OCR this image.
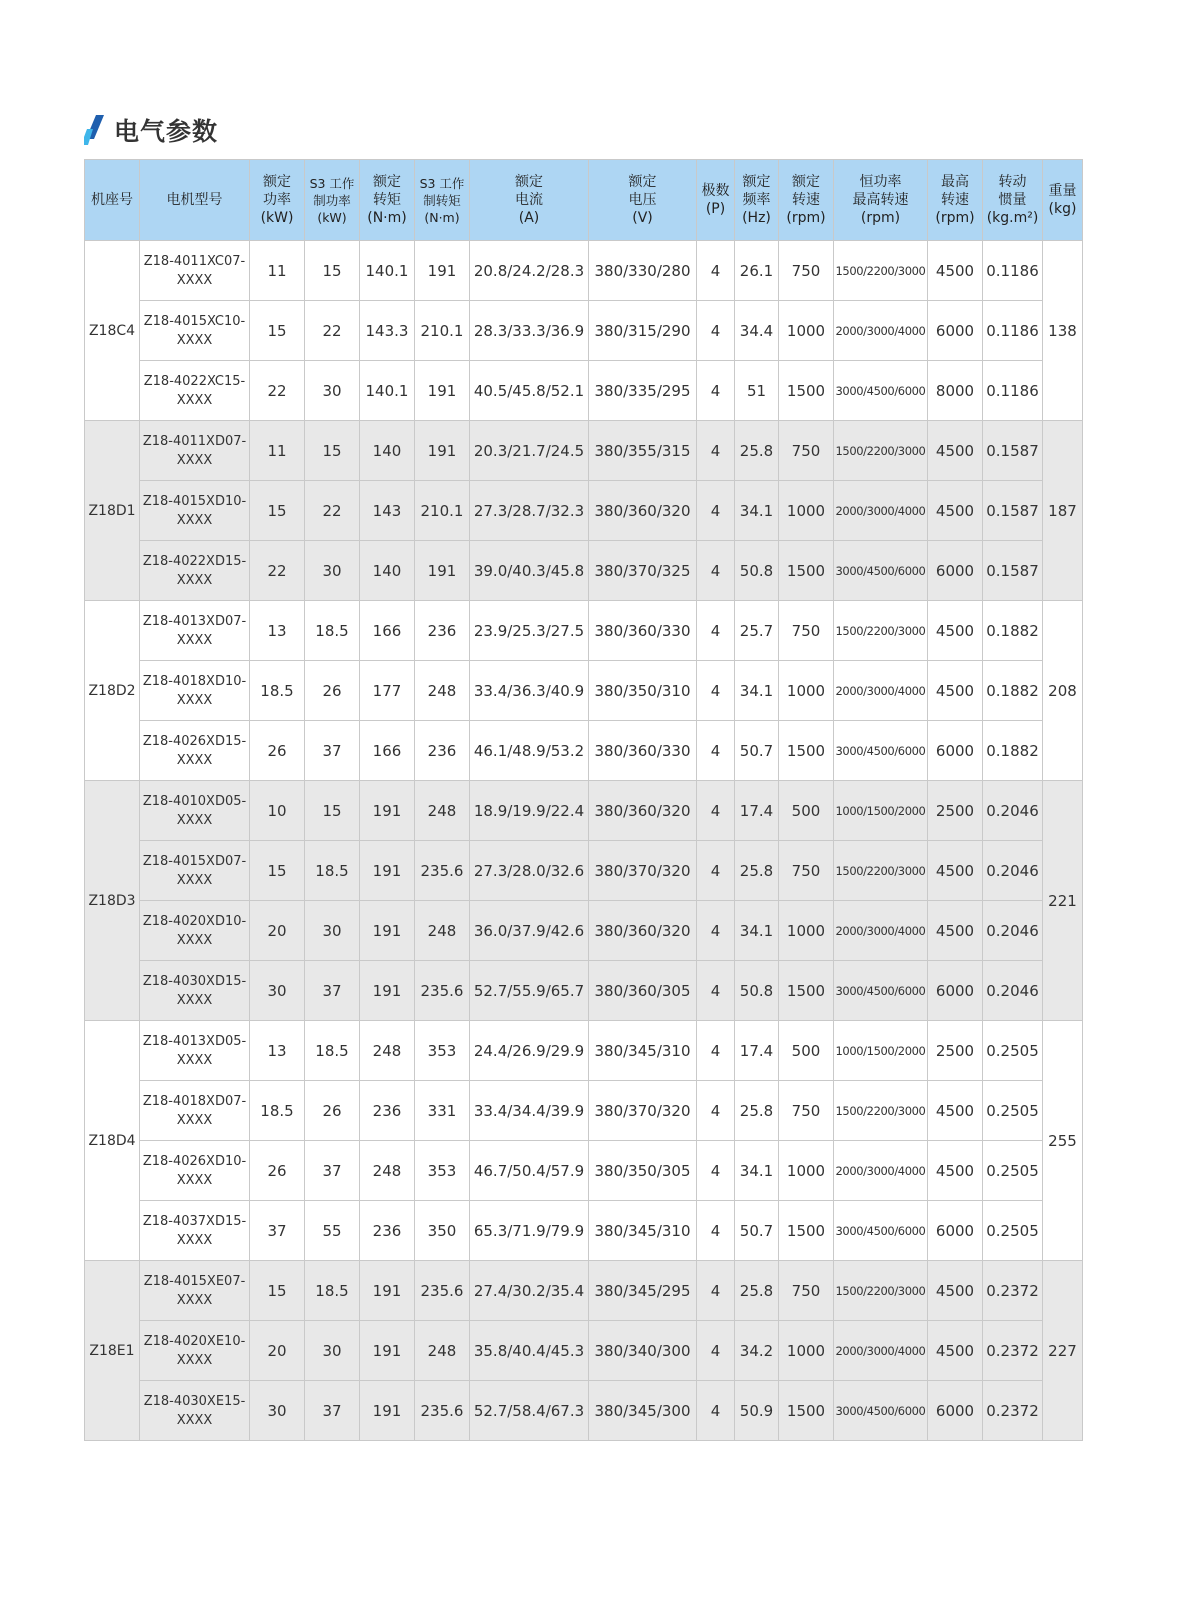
电气参数
机座号	电机型号	额定
功率
(kW)	S3 工作
制功率
(kW)	额定
转矩
(N·m)	S3 工作
制转矩
(N·m)	额定
电流
(A)	额定
电压
(V)	极数
(P)	额定
频率
(Hz)	额定
转速
(rpm)	恒功率
最高转速
(rpm)	最高
转速
(rpm)	转动
惯量
(kg.m²)	重量
(kg)
Z18C4	Z18-4011XC07-
XXXX	11	15	140.1	191	20.8/24.2/28.3	380/330/280	4	26.1	750	1500/2200/3000	4500	0.1186	138

	Z18-4015XC10-
XXXX	15	22	143.3	210.1	28.3/33.3/36.9	380/315/290	4	34.4	1000	2000/3000/4000	6000	0.1186	

	Z18-4022XC15-
XXXX	22	30	140.1	191	40.5/45.8/52.1	380/335/295	4	51	1500	3000/4500/6000	8000	0.1186	
Z18D1	Z18-4011XD07-
XXXX	11	15	140	191	20.3/21.7/24.5	380/355/315	4	25.8	750	1500/2200/3000	4500	0.1587	187

	Z18-4015XD10-
XXXX	15	22	143	210.1	27.3/28.7/32.3	380/360/320	4	34.1	1000	2000/3000/4000	4500	0.1587	

	Z18-4022XD15-
XXXX	22	30	140	191	39.0/40.3/45.8	380/370/325	4	50.8	1500	3000/4500/6000	6000	0.1587	
Z18D2	Z18-4013XD07-
XXXX	13	18.5	166	236	23.9/25.3/27.5	380/360/330	4	25.7	750	1500/2200/3000	4500	0.1882	208

	Z18-4018XD10-
XXXX	18.5	26	177	248	33.4/36.3/40.9	380/350/310	4	34.1	1000	2000/3000/4000	4500	0.1882	

	Z18-4026XD15-
XXXX	26	37	166	236	46.1/48.9/53.2	380/360/330	4	50.7	1500	3000/4500/6000	6000	0.1882	
Z18D3	Z18-4010XD05-
XXXX	10	15	191	248	18.9/19.9/22.4	380/360/320	4	17.4	500	1000/1500/2000	2500	0.2046	221

	Z18-4015XD07-
XXXX	15	18.5	191	235.6	27.3/28.0/32.6	380/370/320	4	25.8	750	1500/2200/3000	4500	0.2046	

	Z18-4020XD10-
XXXX	20	30	191	248	36.0/37.9/42.6	380/360/320	4	34.1	1000	2000/3000/4000	4500	0.2046	

	Z18-4030XD15-
XXXX	30	37	191	235.6	52.7/55.9/65.7	380/360/305	4	50.8	1500	3000/4500/6000	6000	0.2046	
Z18D4	Z18-4013XD05-
XXXX	13	18.5	248	353	24.4/26.9/29.9	380/345/310	4	17.4	500	1000/1500/2000	2500	0.2505	255

	Z18-4018XD07-
XXXX	18.5	26	236	331	33.4/34.4/39.9	380/370/320	4	25.8	750	1500/2200/3000	4500	0.2505	

	Z18-4026XD10-
XXXX	26	37	248	353	46.7/50.4/57.9	380/350/305	4	34.1	1000	2000/3000/4000	4500	0.2505	

	Z18-4037XD15-
XXXX	37	55	236	350	65.3/71.9/79.9	380/345/310	4	50.7	1500	3000/4500/6000	6000	0.2505	
Z18E1	Z18-4015XE07-
XXXX	15	18.5	191	235.6	27.4/30.2/35.4	380/345/295	4	25.8	750	1500/2200/3000	4500	0.2372	227

	Z18-4020XE10-
XXXX	20	30	191	248	35.8/40.4/45.3	380/340/300	4	34.2	1000	2000/3000/4000	4500	0.2372	

	Z18-4030XE15-
XXXX	30	37	191	235.6	52.7/58.4/67.3	380/345/300	4	50.9	1500	3000/4500/6000	6000	0.2372	
